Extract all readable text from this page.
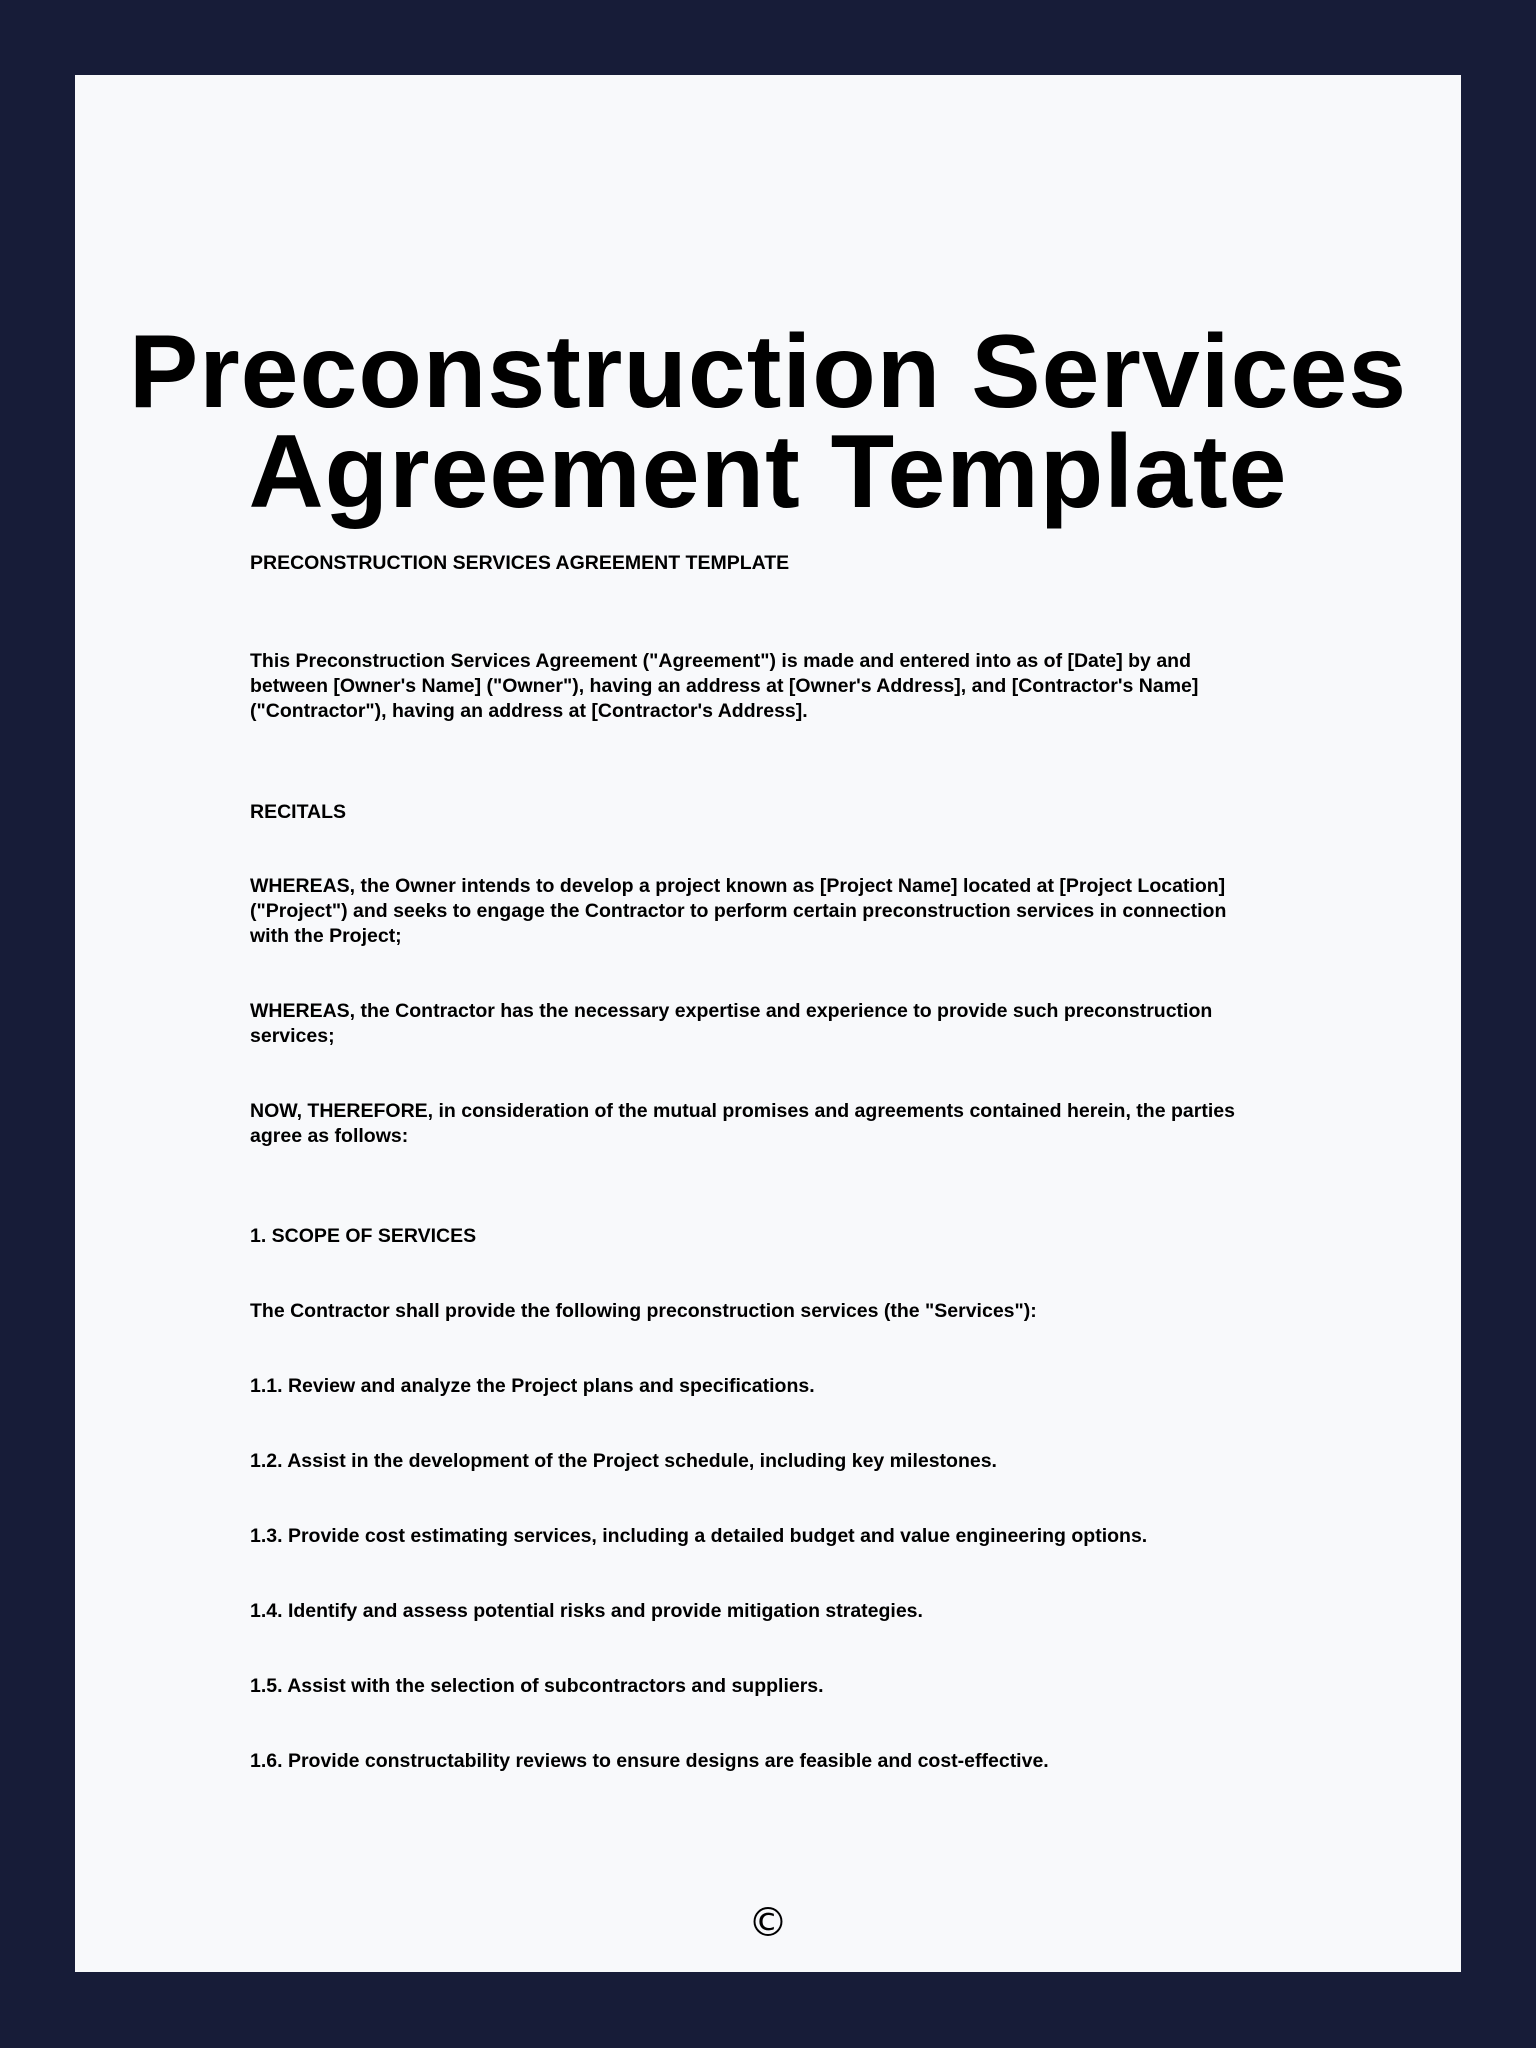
Preconstruction Services
Agreement Template

PRECONSTRUCTION SERVICES AGREEMENT TEMPLATE

This Preconstruction Services Agreement ("Agreement") is made and entered into as of [Date] by and

between [Owner's Name] ("Owner"), having an address at [Owner's Address], and [Contractor's Name]

("Contractor"), having an address at [Contractor's Address].

RECITALS

WHEREAS, the Owner intends to develop a project known as [Project Name] located at [Project Location]

("Project") and seeks to engage the Contractor to perform certain preconstruction services in connection

with the Project;

WHEREAS, the Contractor has the necessary expertise and experience to provide such preconstruction

services;

NOW, THEREFORE, in consideration of the mutual promises and agreements contained herein, the parties

agree as follows:

1. SCOPE OF SERVICES

The Contractor shall provide the following preconstruction services (the "Services"):

1.1. Review and analyze the Project plans and specifications.

1.2. Assist in the development of the Project schedule, including key milestones.

1.3. Provide cost estimating services, including a detailed budget and value engineering options.

1.4. Identify and assess potential risks and provide mitigation strategies.

1.5. Assist with the selection of subcontractors and suppliers.

1.6. Provide constructability reviews to ensure designs are feasible and cost-effective.

©
